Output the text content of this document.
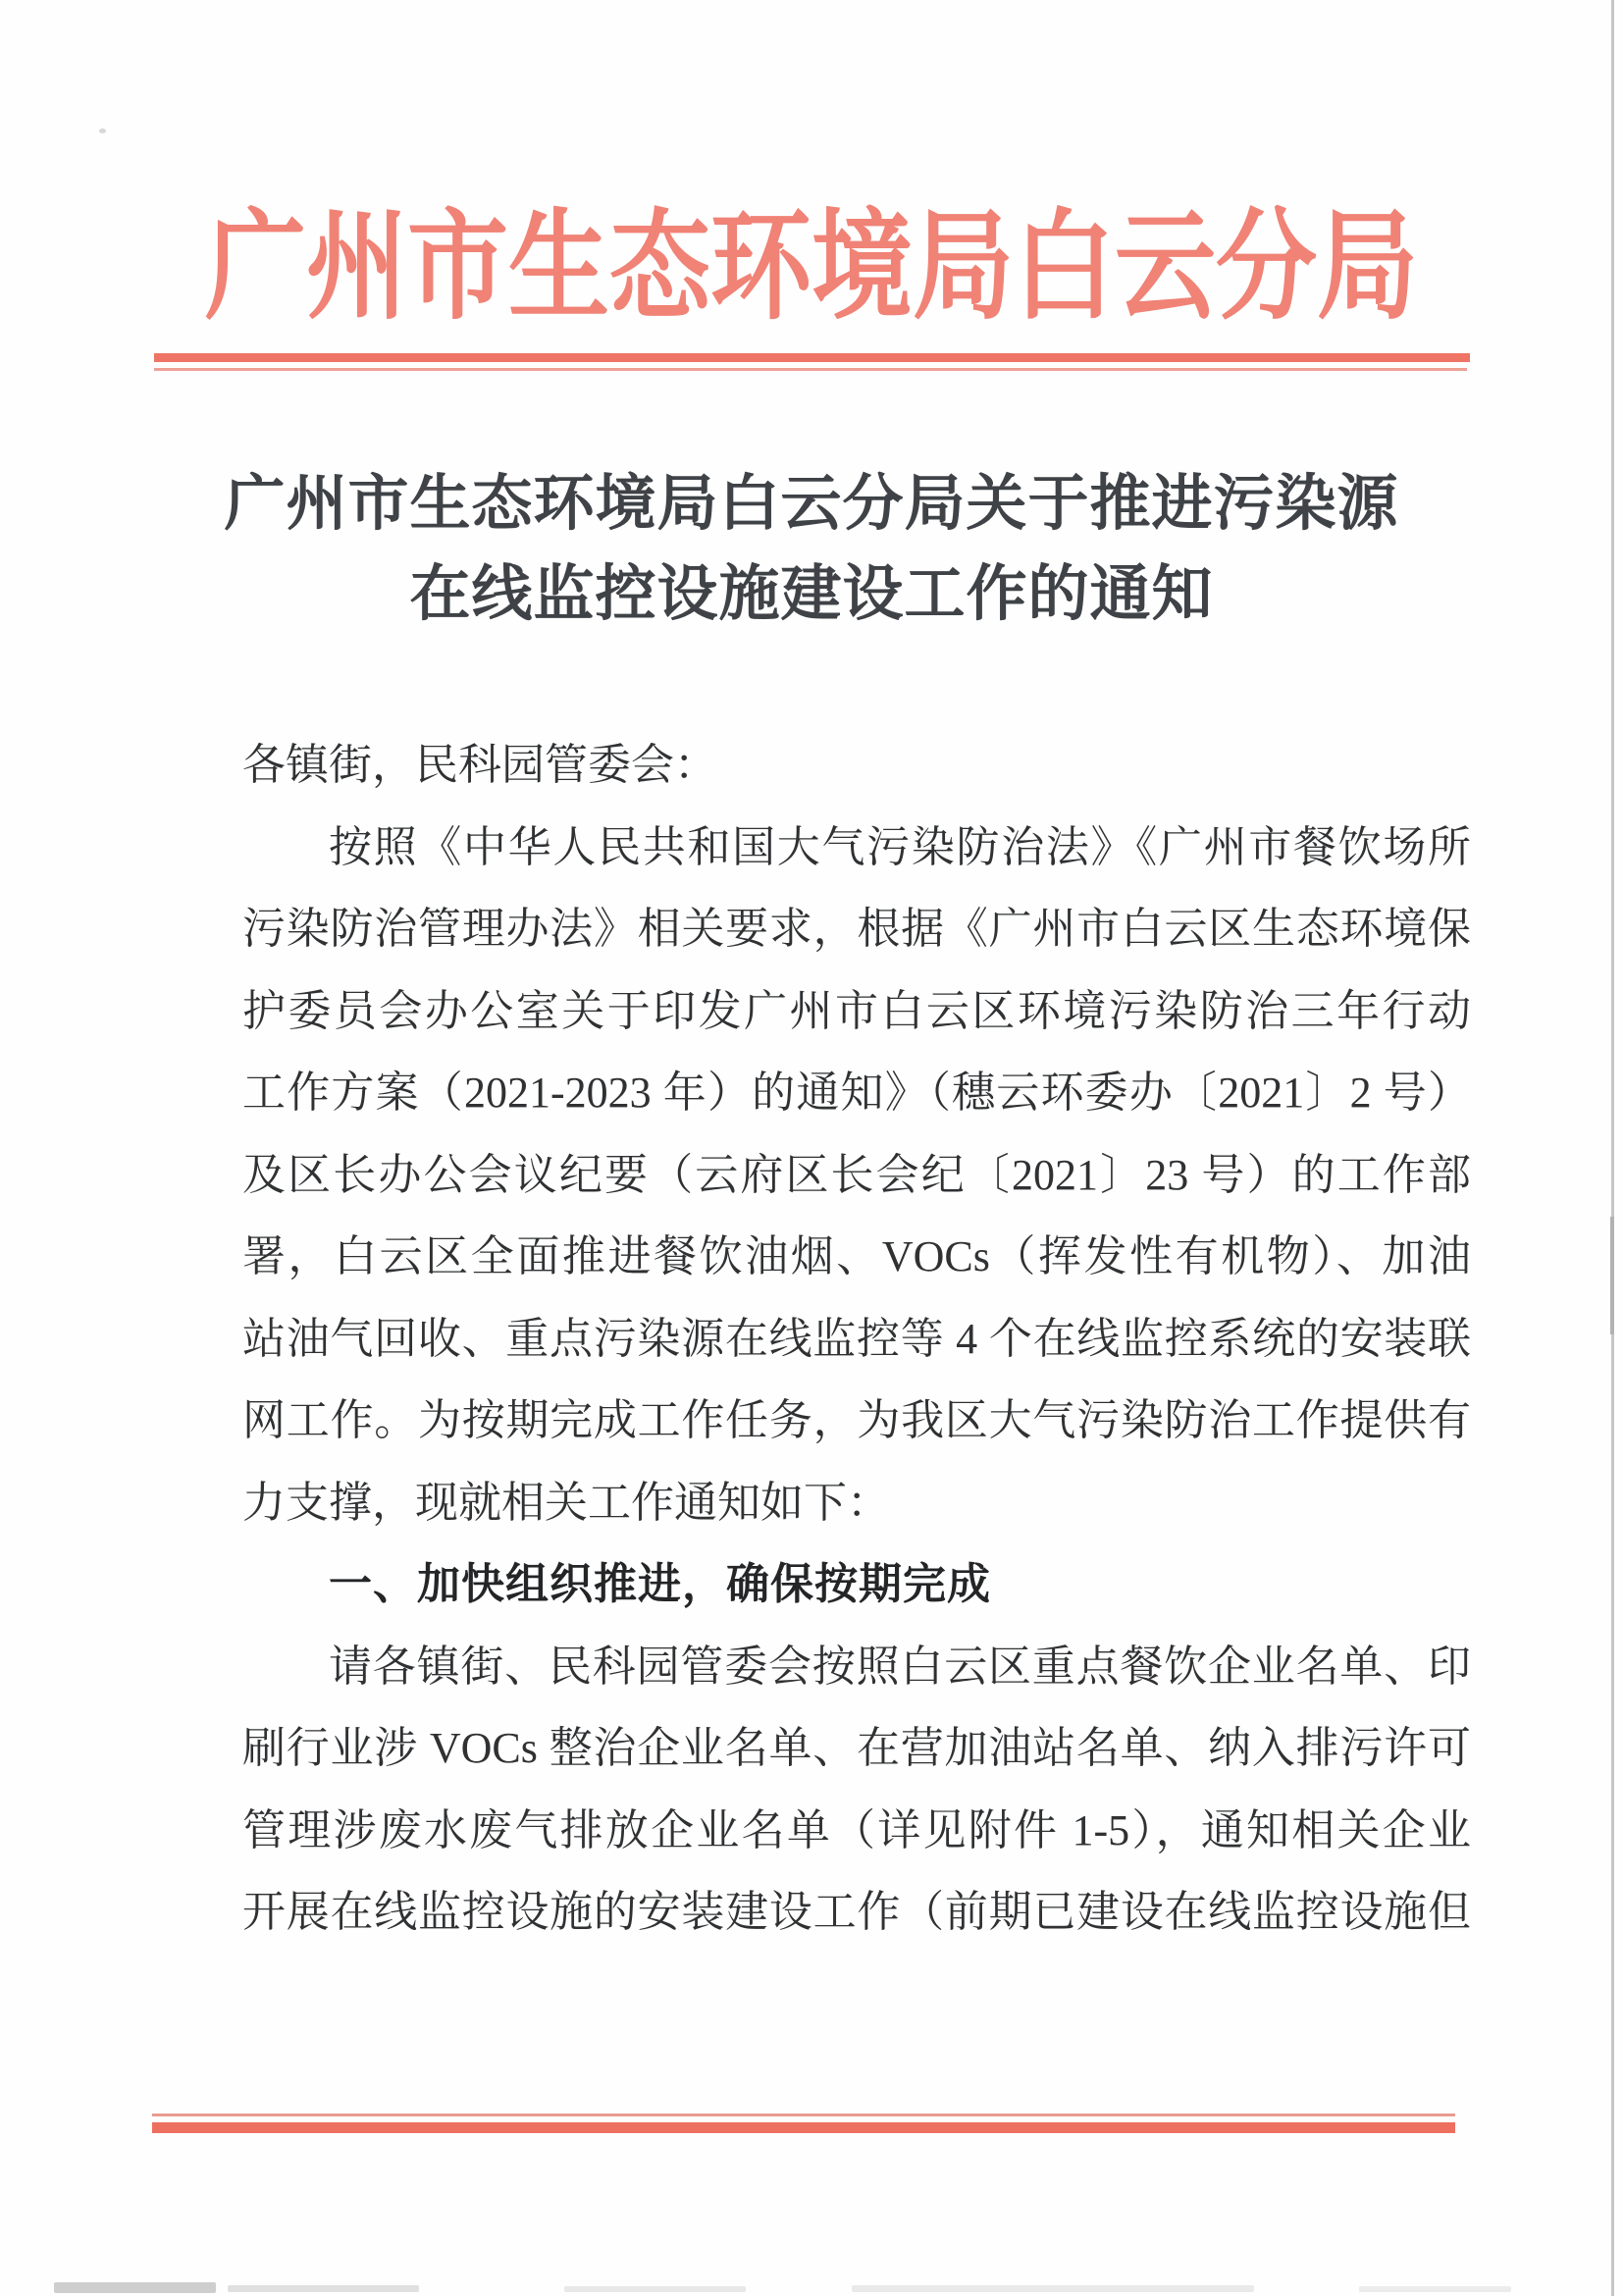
广州市生态环境局白云分局
广州市生态环境局白云分局关于推进污染源
在线监控设施建设工作的通知

各镇街，民科园管委会：

按照《中华人民共和国大气污染防治法》《广州市餐饮场所

污染防治管理办法》相关要求，根据《广州市白云区生态环境保

护委员会办公室关于印发广州市白云区环境污染防治三年行动

工作方案（2021-2023 年）的通知》（穗云环委办〔2021〕2 号）

及区长办公会议纪要（云府区长会纪〔2021〕23 号）的工作部

署，白云区全面推进餐饮油烟、VOCs（挥发性有机物）、加油

站油气回收、重点污染源在线监控等 4 个在线监控系统的安装联

网工作。为按期完成工作任务，为我区大气污染防治工作提供有

力支撑，现就相关工作通知如下：

一、加快组织推进，确保按期完成

请各镇街、民科园管委会按照白云区重点餐饮企业名单、印

刷行业涉 VOCs 整治企业名单、在营加油站名单、纳入排污许可

管理涉废水废气排放企业名单（详见附件 1-5），通知相关企业

开展在线监控设施的安装建设工作（前期已建设在线监控设施但
